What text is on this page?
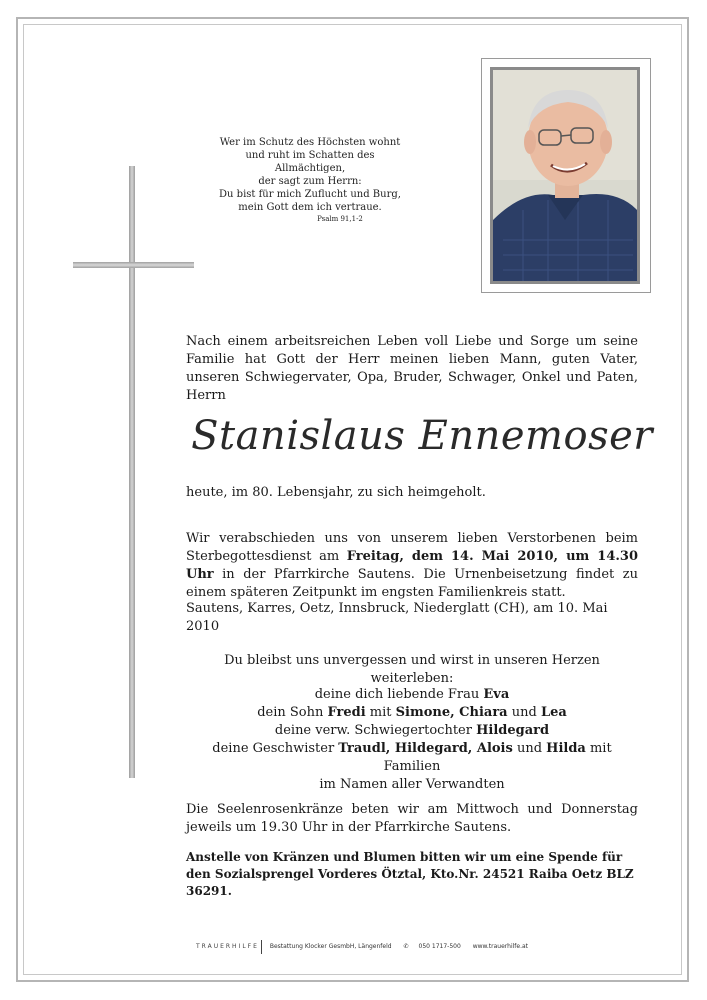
Wer im Schutz des Höchsten wohnt
und ruht im Schatten des Allmächtigen,
der sagt zum Herrn:
Du bist für mich Zuflucht und Burg,
mein Gott dem ich vertraue.
Psalm 91,1-2
Nach einem arbeitsreichen Leben voll Liebe und Sorge um seine Familie hat Gott der Herr meinen lieben Mann, guten Vater, unseren Schwiegervater, Opa, Bruder, Schwager, Onkel und Paten, Herrn
Stanislaus Ennemoser
heute, im 80. Lebensjahr, zu sich heimgeholt.
Wir verabschieden uns von unserem lieben Verstorbenen beim Sterbegottesdienst am Freitag, dem 14. Mai 2010, um 14.30 Uhr in der Pfarrkirche Sautens. Die Urnenbeisetzung findet zu einem späteren Zeitpunkt im engsten Familienkreis statt.
Sautens, Karres, Oetz, Innsbruck, Niederglatt (CH), am 10. Mai 2010
Du bleibst uns unvergessen und wirst in unseren Herzen weiterleben:
deine dich liebende Frau Eva
dein Sohn Fredi mit Simone, Chiara und Lea
deine verw. Schwiegertochter Hildegard
deine Geschwister Traudl, Hildegard, Alois und Hilda mit Familien
im Namen aller Verwandten
Die Seelenrosenkränze beten wir am Mittwoch und Donnerstag jeweils um 19.30 Uhr in der Pfarrkirche Sautens.
Anstelle von Kränzen und Blumen bitten wir um eine Spende für den Sozialsprengel Vorderes Ötztal, Kto.Nr. 24521 Raiba Oetz BLZ 36291.
TRAUERHILFE Bestattung Klocker GesmbH, Längenfeld ✆ 050 1717-500 www.trauerhilfe.at
